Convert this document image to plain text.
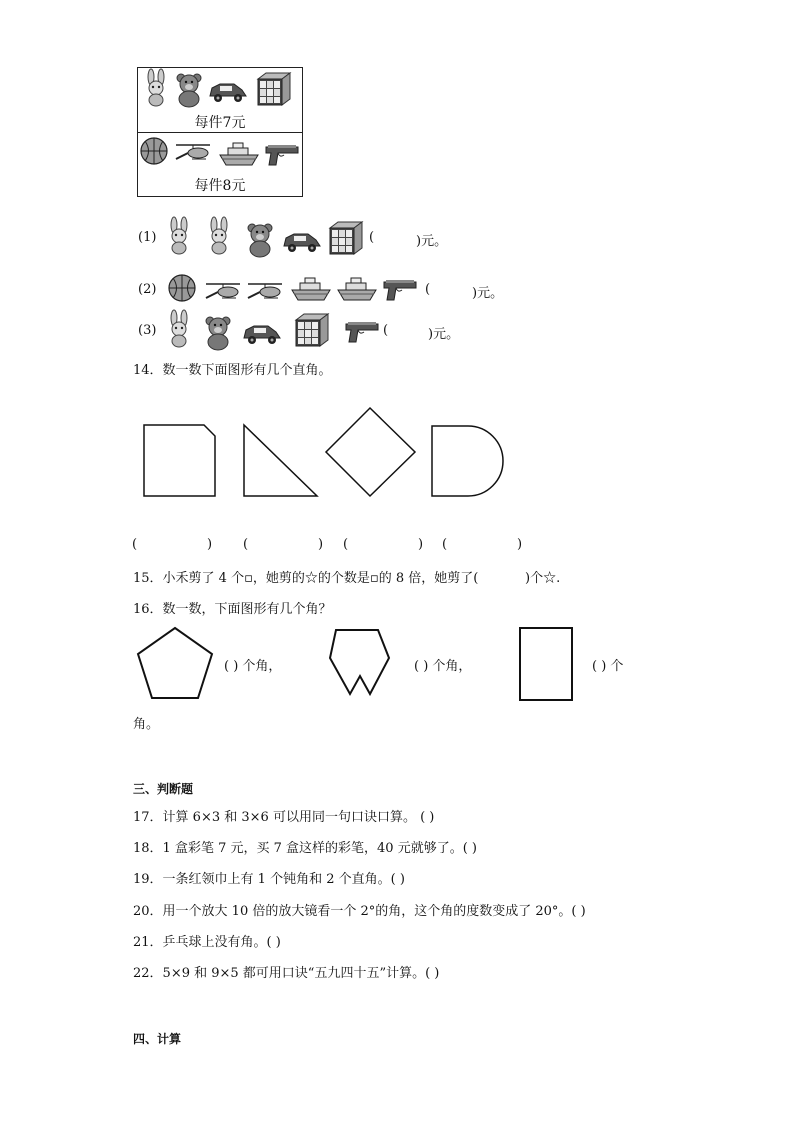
每件7元
每件8元
(1)	(	)元。
(2)	(	)元。
(3)	(	)元。
14．数一数下面图形有几个直角。
(	) (	) (	) (	)
15．小禾剪了 4 个▫，她剪的☆的个数是▫的 8 倍，她剪了(	)个☆.
16．数一数，下面图形有几个角？
( ) 个角，	( ) 个角，	( ) 个
角。
三、判断题
17．计算 6×3 和 3×6 可以用同一句口诀口算。 ( )
18．1 盒彩笔 7 元，买 7 盒这样的彩笔，40 元就够了。( )
19．一条红领巾上有 1 个钝角和 2 个直角。( )
20．用一个放大 10 倍的放大镜看一个 2°的角，这个角的度数变成了 20°。( )
21．乒乓球上没有角。( )
22．5×9 和 9×5 都可用口诀“五九四十五”计算。( )
四、计算
